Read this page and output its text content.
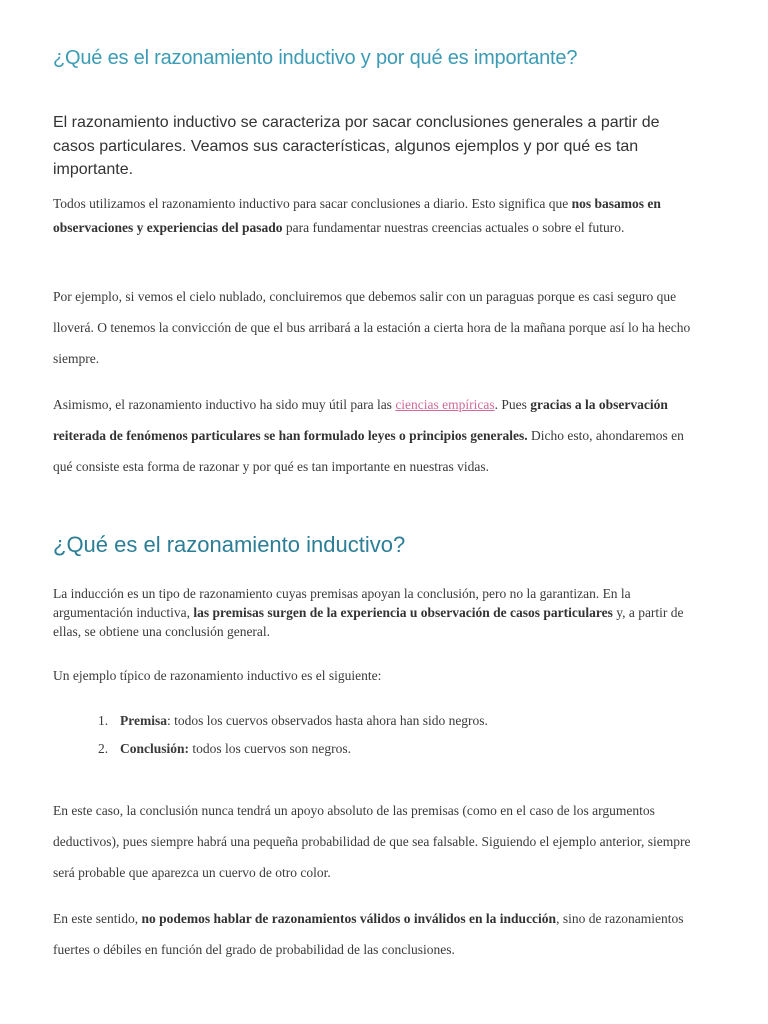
¿Qué es el razonamiento inductivo y por qué es importante?

El razonamiento inductivo se caracteriza por sacar conclusiones generales a partir de casos particulares. Veamos sus características, algunos ejemplos y por qué es tan importante.

Todos utilizamos el razonamiento inductivo para sacar conclusiones a diario. Esto significa que nos basamos en observaciones y experiencias del pasado para fundamentar nuestras creencias actuales o sobre el futuro.

Por ejemplo, si vemos el cielo nublado, concluiremos que debemos salir con un paraguas porque es casi seguro que lloverá. O tenemos la convicción de que el bus arribará a la estación a cierta hora de la mañana porque así lo ha hecho siempre.

Asimismo, el razonamiento inductivo ha sido muy útil para las ciencias empíricas. Pues gracias a la observación reiterada de fenómenos particulares se han formulado leyes o principios generales. Dicho esto, ahondaremos en qué consiste esta forma de razonar y por qué es tan importante en nuestras vidas.

¿Qué es el razonamiento inductivo?

La inducción es un tipo de razonamiento cuyas premisas apoyan la conclusión, pero no la garantizan. En la argumentación inductiva, las premisas surgen de la experiencia u observación de casos particulares y, a partir de ellas, se obtiene una conclusión general.

Un ejemplo típico de razonamiento inductivo es el siguiente:

1. Premisa: todos los cuervos observados hasta ahora han sido negros.
2. Conclusión: todos los cuervos son negros.

En este caso, la conclusión nunca tendrá un apoyo absoluto de las premisas (como en el caso de los argumentos deductivos), pues siempre habrá una pequeña probabilidad de que sea falsable. Siguiendo el ejemplo anterior, siempre será probable que aparezca un cuervo de otro color.

En este sentido, no podemos hablar de razonamientos válidos o inválidos en la inducción, sino de razonamientos fuertes o débiles en función del grado de probabilidad de las conclusiones.
